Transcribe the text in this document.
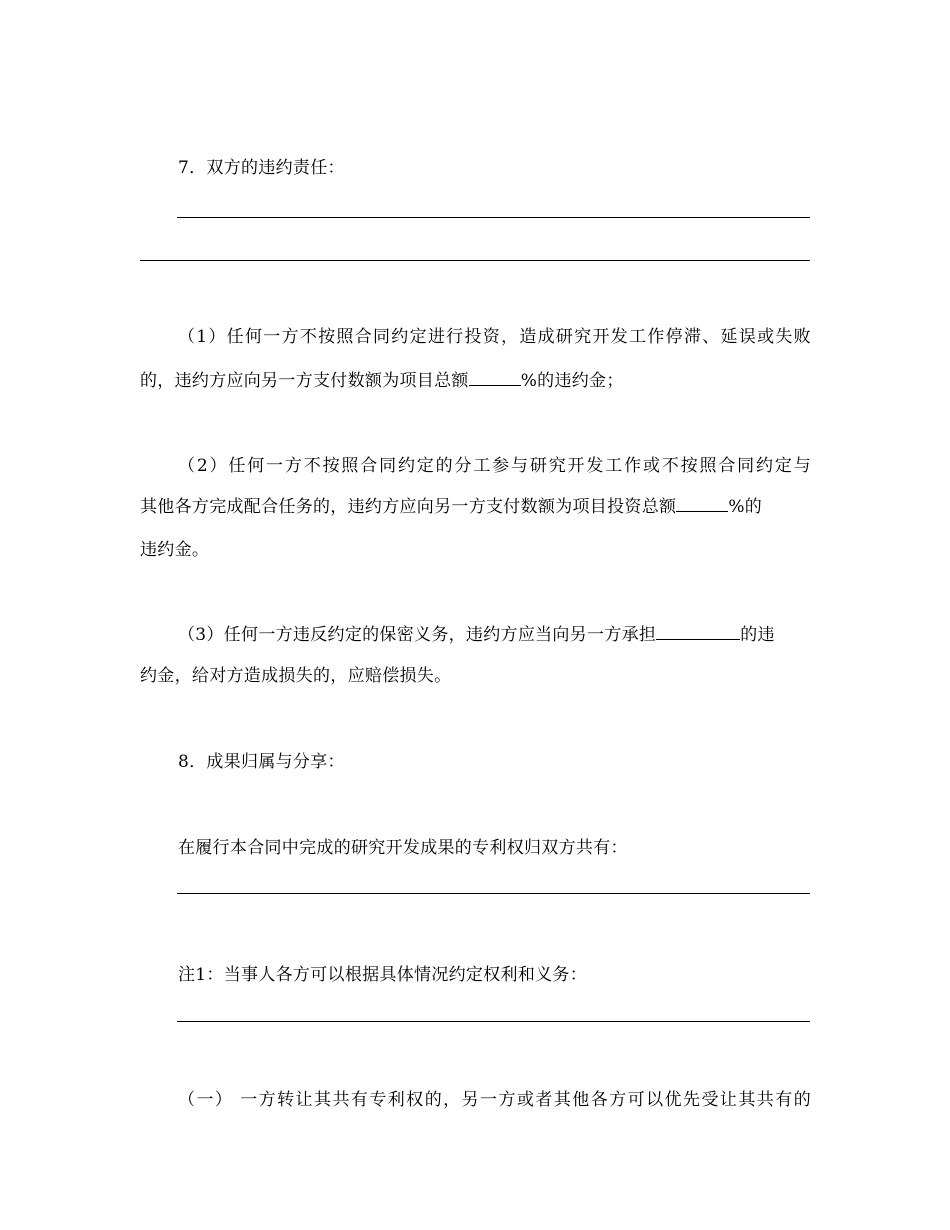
7．双方的违约责任：
（1）任何一方不按照合同约定进行投资，造成研究开发工作停滞、延误或失败
的，违约方应向另一方支付数额为项目总额	%的违约金；
（2）任何一方不按照合同约定的分工参与研究开发工作或不按照合同约定与
其他各方完成配合任务的，违约方应向另一方支付数额为项目投资总额	%的
违约金。
（3）任何一方违反约定的保密义务，违约方应当向另一方承担	的违
约金，给对方造成损失的，应赔偿损失。
8．成果归属与分享：
在履行本合同中完成的研究开发成果的专利权归双方共有：
注1：当事人各方可以根据具体情况约定权利和义务：
（一） 一方转让其共有专利权的，另一方或者其他各方可以优先受让其共有的
